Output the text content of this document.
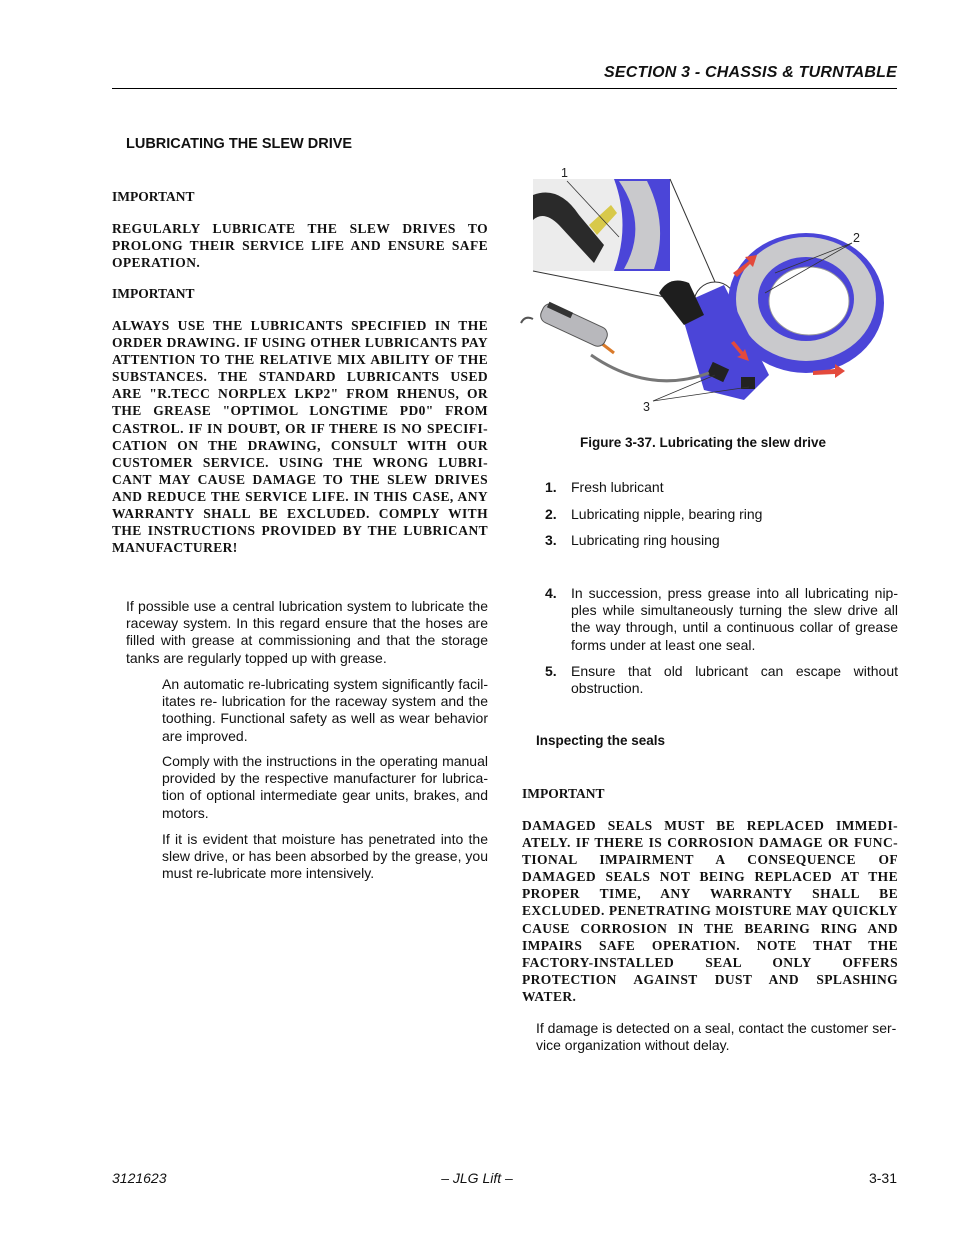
SECTION 3 - CHASSIS & TURNTABLE
LUBRICATING THE SLEW DRIVE
IMPORTANT
REGULARLY LUBRICATE THE SLEW DRIVES TO PROLONG THEIR SERVICE LIFE AND ENSURE SAFE OPERATION.
IMPORTANT
ALWAYS USE THE LUBRICANTS SPECIFIED IN THE ORDER DRAWING. IF USING OTHER LUBRICANTS PAY ATTENTION TO THE RELATIVE MIX ABILITY OF THE SUBSTANCES. THE STANDARD LUBRICANTS USED ARE "R.TECC NORPLEX LKP2" FROM RHENUS, OR THE GREASE "OPTIMOL LONGTIME PD0" FROM CASTROL. IF IN DOUBT, OR IF THERE IS NO SPECIFI-CATION ON THE DRAWING, CONSULT WITH OUR CUSTOMER SERVICE. USING THE WRONG LUBRI-CANT MAY CAUSE DAMAGE TO THE SLEW DRIVES AND REDUCE THE SERVICE LIFE. IN THIS CASE, ANY WARRANTY SHALL BE EXCLUDED. COMPLY WITH THE INSTRUCTIONS PROVIDED BY THE LUBRICANT MANUFACTURER!
If possible use a central lubrication system to lubricate the raceway system. In this regard ensure that the hoses are filled with grease at commissioning and that the storage tanks are regularly topped up with grease.
An automatic re-lubricating system significantly facil-itates re- lubrication for the raceway system and the toothing. Functional safety as well as wear behavior are improved.
Comply with the instructions in the operating manual provided by the respective manufacturer for lubrica-tion of optional intermediate gear units, brakes, and motors.
If it is evident that moisture has penetrated into the slew drive, or has been absorbed by the grease, you must re-lubricate more intensively.
1
2
3
Figure 3-37. Lubricating the slew drive
1. Fresh lubricant
2. Lubricating nipple, bearing ring
3. Lubricating ring housing
4. In succession, press grease into all lubricating nip-ples while simultaneously turning the slew drive all the way through, until a continuous collar of grease forms under at least one seal.
5. Ensure that old lubricant can escape without obstruction.
Inspecting the seals
IMPORTANT
DAMAGED SEALS MUST BE REPLACED IMMEDI-ATELY. IF THERE IS CORROSION DAMAGE OR FUNC-TIONAL IMPAIRMENT A CONSEQUENCE OF DAMAGED SEALS NOT BEING REPLACED AT THE PROPER TIME, ANY WARRANTY SHALL BE EXCLUDED. PENETRATING MOISTURE MAY QUICKLY CAUSE CORROSION IN THE BEARING RING AND IMPAIRS SAFE OPERATION. NOTE THAT THE FACTORY-INSTALLED SEAL ONLY OFFERS PROTECTION AGAINST DUST AND SPLASHING WATER.
If damage is detected on a seal, contact the customer ser-vice organization without delay.
3121623	– JLG Lift –	3-31
